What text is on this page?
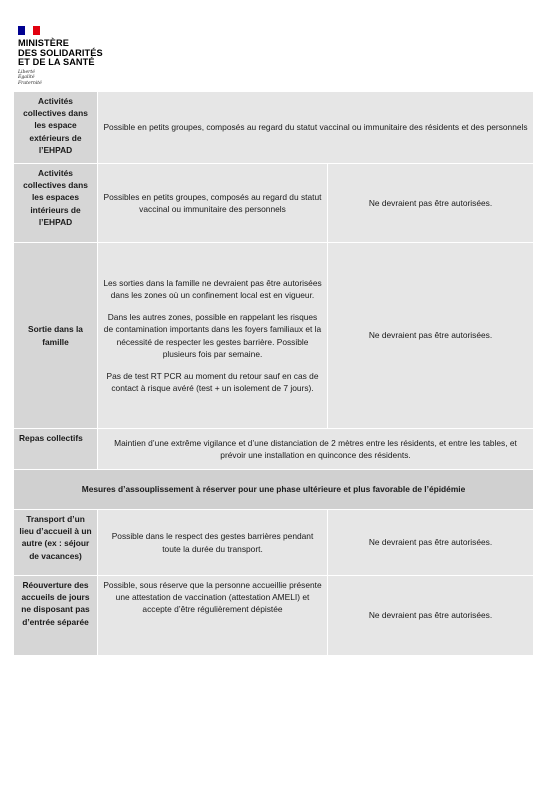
MINISTÈRE
DES SOLIDARITÉS
ET DE LA SANTÉ
Liberté
Égalité
Fraternité
Activités collectives dans les espace extérieurs de l’EHPAD	Possible en petits groupes, composés au regard du statut vaccinal ou immunitaire des résidents et des personnels	
Activités collectives dans les espaces intérieurs de l’EHPAD	Possibles en petits groupes, composés au regard du statut vaccinal ou immunitaire des personnels	Ne devraient pas être autorisées.
Sortie dans la famille	Les sorties dans la famille ne devraient pas être autorisées dans les zones où un confinement local est en vigueur.

Dans les autres zones, possible en rappelant les risques de contamination importants dans les foyers familiaux et la nécessité de respecter les gestes barrière. Possible plusieurs fois par semaine.

Pas de test RT PCR au moment du retour sauf en cas de contact à risque avéré (test + un isolement de 7 jours).	Ne devraient pas être autorisées.
Repas collectifs	Maintien d’une extrême vigilance et d’une distanciation de 2 mètres entre les résidents, et entre les tables, et prévoir une installation en quinconce des résidents.	
Mesures d’assouplissement à réserver pour une phase ultérieure et plus favorable de l’épidémie		
Transport d’un lieu d’accueil à un autre (ex : séjour de vacances)	Possible dans le respect des gestes barrières pendant toute la durée du transport.	Ne devraient pas être autorisées.
Réouverture des accueils de jours ne disposant pas d’entrée séparée	Possible, sous réserve que la personne accueillie présente une attestation de vaccination (attestation AMELI) et accepte d’être régulièrement dépistée	Ne devraient pas être autorisées.
